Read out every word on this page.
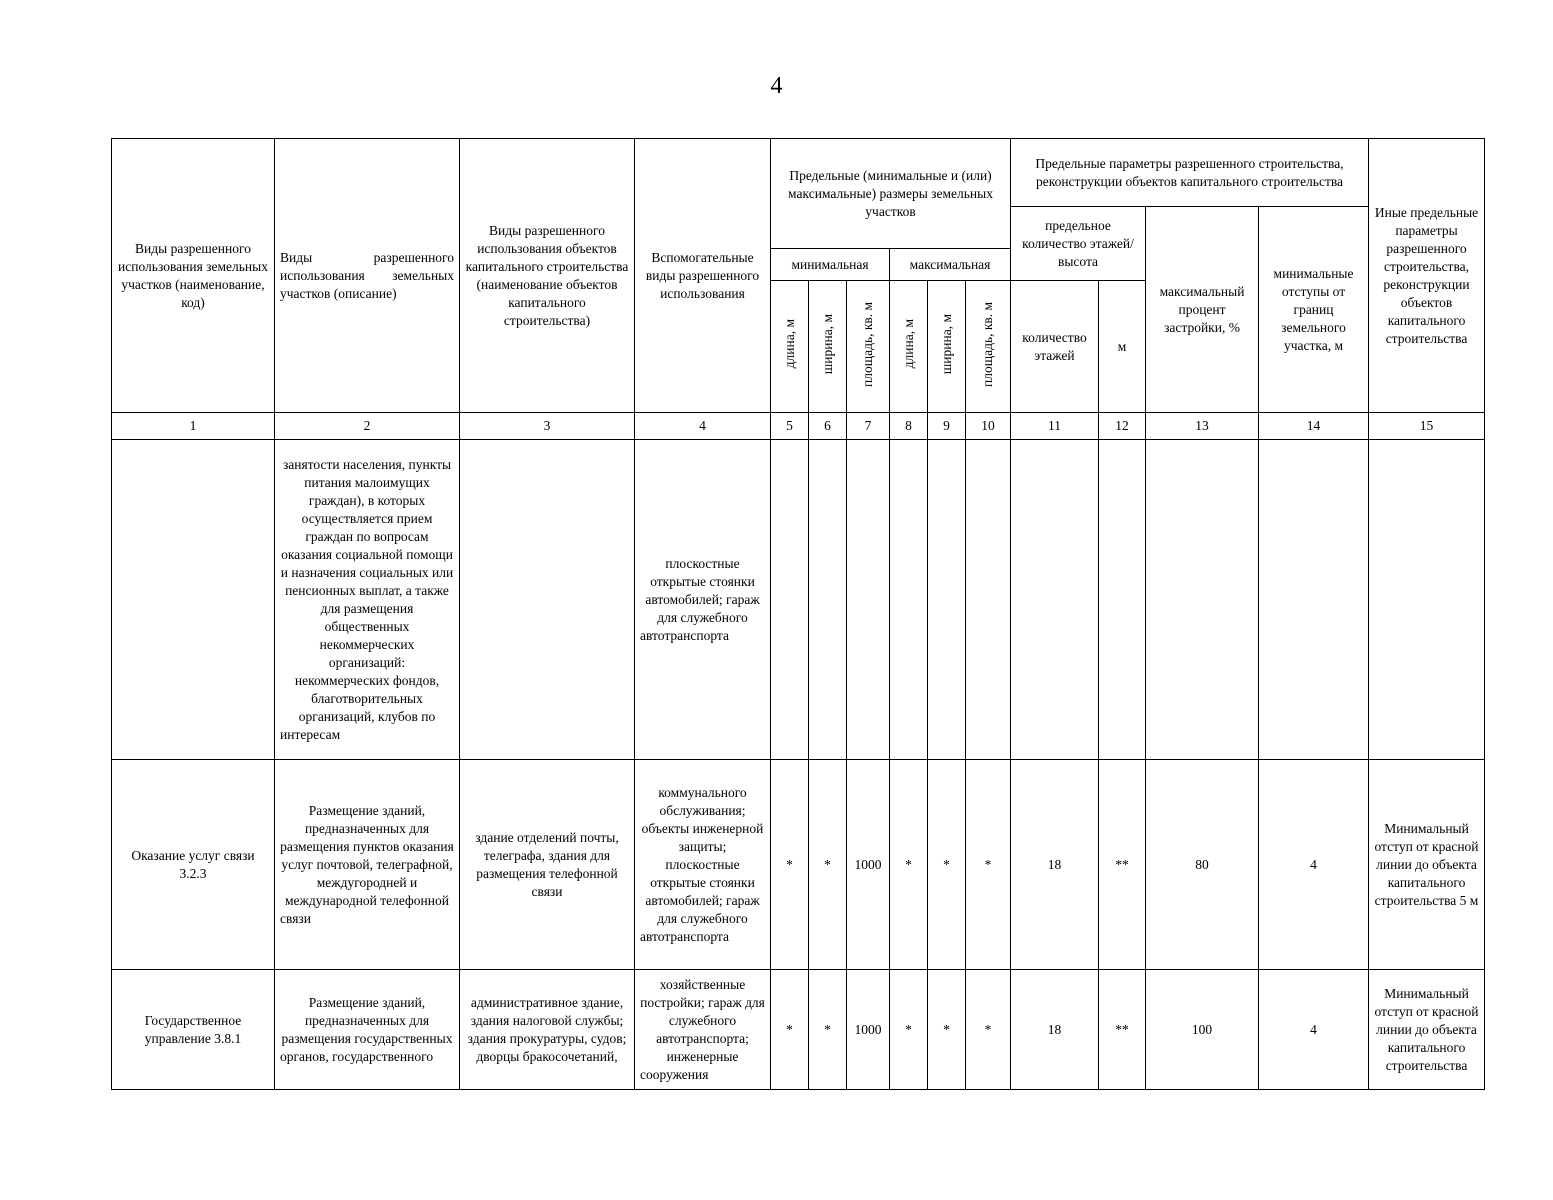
4
Виды разрешенного использования земельных участков (наименование, код)	Виды разрешенного использования земельных участков (описание)	Виды разрешенного использования объектов капитального строительства (наименование объектов капитального строительства)	Вспомогательные виды разрешенного использования	Предельные (минимальные и (или) максимальные) размеры земельных участков						Предельные параметры разрешенного строительства, реконструкции объектов капитального строительства				Иные предельные параметры разрешенного строительства, реконструкции объектов капитального строительства
										предельное количество этажей/высота		максимальный процент застройки, %	минимальные отступы от границ земельного участка, м	
				минимальная			максимальная							
				длина, м	ширина, м	площадь, кв. м	длина, м	ширина, м	площадь, кв. м	количество этажей	м			
1	2	3	4	5	6	7	8	9	10	11	12	13	14	15
	занятости населения, пункты питания малоимущих граждан), в которых осуществляется прием граждан по вопросам оказания социальной помощи и назначения социальных или пенсионных выплат, а также для размещения общественных некоммерческих организаций: некоммерческих фондов, благотворительных организаций, клубов по интересам		плоскостные открытые стоянки автомобилей; гараж для служебного автотранспорта											
Оказание услуг связи 3.2.3	Размещение зданий, предназначенных для размещения пунктов оказания услуг почтовой, телеграфной, междугородней и международной телефонной связи	здание отделений почты, телеграфа, здания для размещения телефонной связи	коммунального обслуживания; объекты инженерной защиты; плоскостные открытые стоянки автомобилей; гараж для служебного автотранспорта	*	*	1000	*	*	*	18	**	80	4	Минимальный отступ от красной линии до объекта капитального строительства 5 м
Государственное управление 3.8.1	Размещение зданий, предназначенных для размещения государственных органов, государственного	административное здание, здания налоговой службы; здания прокуратуры, судов; дворцы бракосочетаний,	хозяйственные постройки; гараж для служебного автотранспорта; инженерные сооружения	*	*	1000	*	*	*	18	**	100	4	Минимальный отступ от красной линии до объекта капитального строительства
